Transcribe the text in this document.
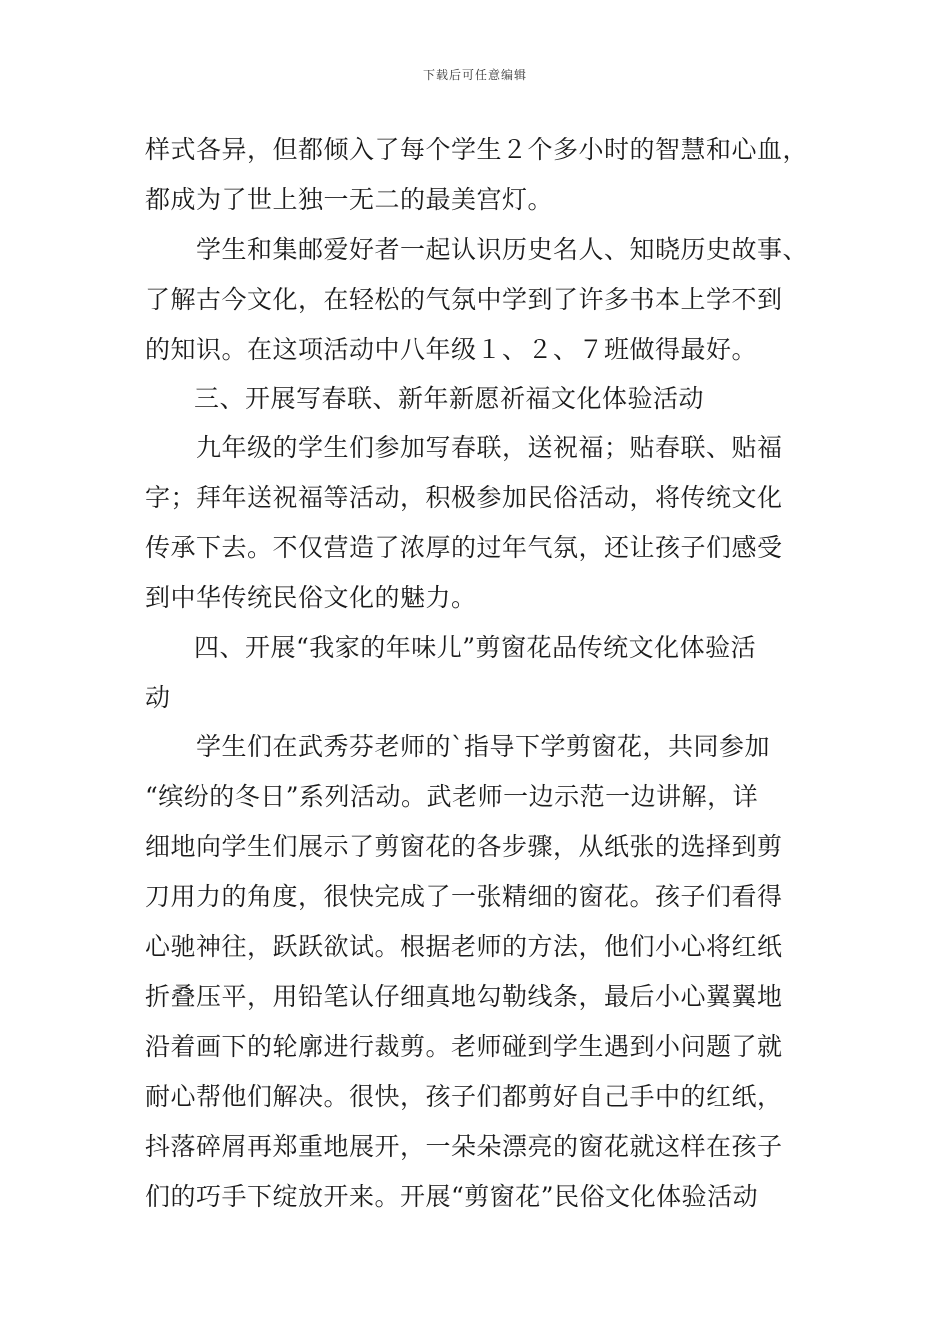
下载后可任意编辑
样式各异，但都倾入了每个学生２个多小时的智慧和心血，
都成为了世上独一无二的最美宫灯。
学生和集邮爱好者一起认识历史名人、知晓历史故事、
了解古今文化，在轻松的气氛中学到了许多书本上学不到
的知识。在这项活动中八年级１、２、７班做得最好。
三、开展写春联、新年新愿祈福文化体验活动
九年级的学生们参加写春联，送祝福；贴春联、贴福
字；拜年送祝福等活动，积极参加民俗活动，将传统文化
传承下去。不仅营造了浓厚的过年气氛，还让孩子们感受
到中华传统民俗文化的魅力。
四、开展“我家的年味儿”剪窗花品传统文化体验活
动
学生们在武秀芬老师的`指导下学剪窗花，共同参加
“缤纷的冬日”系列活动。武老师一边示范一边讲解，详
细地向学生们展示了剪窗花的各步骤，从纸张的选择到剪
刀用力的角度，很快完成了一张精细的窗花。孩子们看得
心驰神往，跃跃欲试。根据老师的方法，他们小心将红纸
折叠压平，用铅笔认仔细真地勾勒线条，最后小心翼翼地
沿着画下的轮廓进行裁剪。老师碰到学生遇到小问题了就
耐心帮他们解决。很快，孩子们都剪好自己手中的红纸，
抖落碎屑再郑重地展开，一朵朵漂亮的窗花就这样在孩子
们的巧手下绽放开来。开展“剪窗花”民俗文化体验活动
